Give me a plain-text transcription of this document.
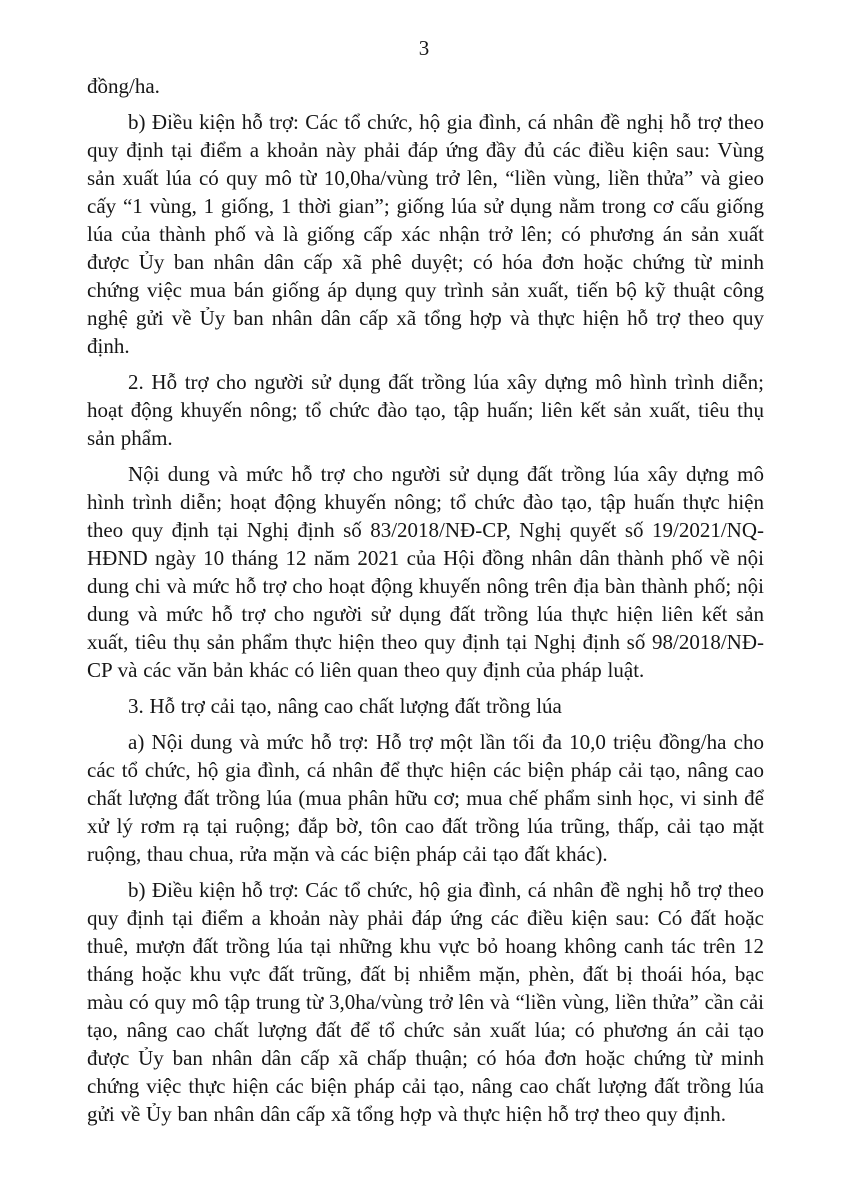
3

đồng/ha.

b) Điều kiện hỗ trợ: Các tổ chức, hộ gia đình, cá nhân đề nghị hỗ trợ theo quy định tại điểm a khoản này phải đáp ứng đầy đủ các điều kiện sau: Vùng sản xuất lúa có quy mô từ 10,0ha/vùng trở lên, “liền vùng, liền thửa” và gieo cấy “1 vùng, 1 giống, 1 thời gian”; giống lúa sử dụng nằm trong cơ cấu giống lúa của thành phố và là giống cấp xác nhận trở lên; có phương án sản xuất được Ủy ban nhân dân cấp xã phê duyệt; có hóa đơn hoặc chứng từ minh chứng việc mua bán giống áp dụng quy trình sản xuất, tiến bộ kỹ thuật công nghệ gửi về Ủy ban nhân dân cấp xã tổng hợp và thực hiện hỗ trợ theo quy định.

2. Hỗ trợ cho người sử dụng đất trồng lúa xây dựng mô hình trình diễn; hoạt động khuyến nông; tổ chức đào tạo, tập huấn; liên kết sản xuất, tiêu thụ sản phẩm.

Nội dung và mức hỗ trợ cho người sử dụng đất trồng lúa xây dựng mô hình trình diễn; hoạt động khuyến nông; tổ chức đào tạo, tập huấn thực hiện theo quy định tại Nghị định số 83/2018/NĐ-CP, Nghị quyết số 19/2021/NQ-HĐND ngày 10 tháng 12 năm 2021 của Hội đồng nhân dân thành phố về nội dung chi và mức hỗ trợ cho hoạt động khuyến nông trên địa bàn thành phố; nội dung và mức hỗ trợ cho người sử dụng đất trồng lúa thực hiện liên kết sản xuất, tiêu thụ sản phẩm thực hiện theo quy định tại Nghị định số 98/2018/NĐ-CP và các văn bản khác có liên quan theo quy định của pháp luật.

3. Hỗ trợ cải tạo, nâng cao chất lượng đất trồng lúa

a) Nội dung và mức hỗ trợ: Hỗ trợ một lần tối đa 10,0 triệu đồng/ha cho các tổ chức, hộ gia đình, cá nhân để thực hiện các biện pháp cải tạo, nâng cao chất lượng đất trồng lúa (mua phân hữu cơ; mua chế phẩm sinh học, vi sinh để xử lý rơm rạ tại ruộng; đắp bờ, tôn cao đất trồng lúa trũng, thấp, cải tạo mặt ruộng, thau chua, rửa mặn và các biện pháp cải tạo đất khác).

b) Điều kiện hỗ trợ: Các tổ chức, hộ gia đình, cá nhân đề nghị hỗ trợ theo quy định tại điểm a khoản này phải đáp ứng các điều kiện sau: Có đất hoặc thuê, mượn đất trồng lúa tại những khu vực bỏ hoang không canh tác trên 12 tháng hoặc khu vực đất trũng, đất bị nhiễm mặn, phèn, đất bị thoái hóa, bạc màu có quy mô tập trung từ 3,0ha/vùng trở lên và “liền vùng, liền thửa” cần cải tạo, nâng cao chất lượng đất để tổ chức sản xuất lúa; có phương án cải tạo được Ủy ban nhân dân cấp xã chấp thuận; có hóa đơn hoặc chứng từ minh chứng việc thực hiện các biện pháp cải tạo, nâng cao chất lượng đất trồng lúa gửi về Ủy ban nhân dân cấp xã tổng hợp và thực hiện hỗ trợ theo quy định.
